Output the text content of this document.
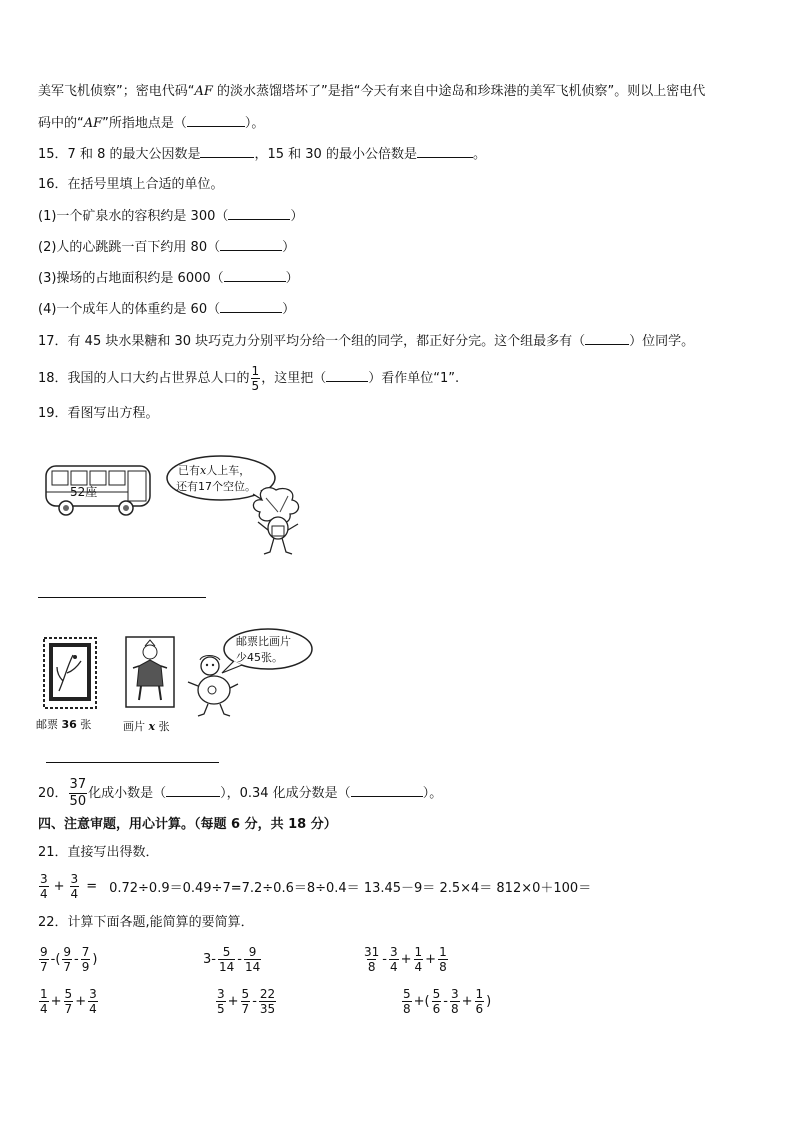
美军飞机侦察”；密电代码“AF 的淡水蒸馏塔坏了”是指“今天有来自中途岛和珍珠港的美军飞机侦察”。则以上密电代
码中的“AF”所指地点是（	）。
15．7 和 8 的最大公因数是	，15 和 30 的最小公倍数是	。
16．在括号里填上合适的单位。
(1)一个矿泉水的容积约是 300（	）
(2)人的心跳跳一百下约用 80（	）
(3)操场的占地面积约是 6000（	）
(4)一个成年人的体重约是 60（	）
17．有 45 块水果糖和 30 块巧克力分别平均分给一个组的同学，都正好分完。这个组最多有（	）位同学。
18．我国的人口大约占世界总人口的 $\frac{1}{5}$ ，这里把（	）看作单位“1”.
19．看图写出方程。
52座
已有x人上车，
还有17个空位。
邮票 36 张	画片 x 张
邮票比画片
少45张。
20． $\frac{37}{50}$ 化成小数是（	），0.34 化成分数是（	）。
四、注意审题，用心计算。（每题 6 分，共 18 分）
21．直接写出得数．
$\frac{3}{4} + \frac{3}{4} = 0.72\div 0.9=0.49\div 7=7.2\div 0.6=8\div 0.4= 13.45-9= 2.5\times 4= 812\times 0+100=$
22．计算下面各题,能简算的要简算．
$\frac{9}{7}$ -( $\frac{9}{7} - \frac{7}{9}$ )	$3- \frac{5}{14} - \frac{9}{14}$	$\frac{31}{8} - \frac{3}{4} + \frac{1}{4} + \frac{1}{8}$
$\frac{1}{4} + \frac{5}{7} + \frac{3}{4}$	$\frac{3}{5} + \frac{5}{7} - \frac{22}{35}$	$\frac{5}{8}$ +( $\frac{5}{6} - \frac{3}{8} + \frac{1}{6}$ )
